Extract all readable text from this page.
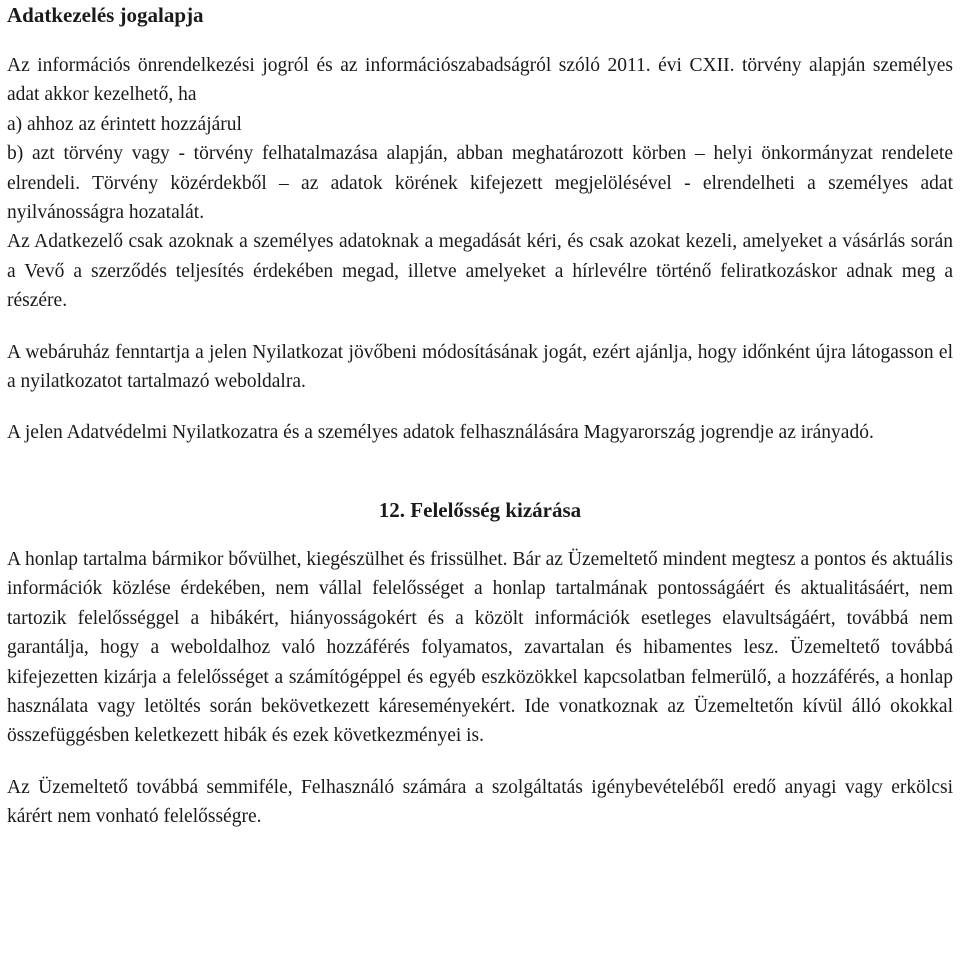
Adatkezelés jogalapja

Az információs önrendelkezési jogról és az információszabadságról szóló 2011. évi CXII. törvény alapján személyes adat akkor kezelhető, ha

a) ahhoz az érintett hozzájárul

b) azt törvény vagy - törvény felhatalmazása alapján, abban meghatározott körben – helyi önkormányzat rendelete elrendeli. Törvény közérdekből – az adatok körének kifejezett megjelölésével - elrendelheti a személyes adat nyilvánosságra hozatalát.

Az Adatkezelő csak azoknak a személyes adatoknak a megadását kéri, és csak azokat kezeli, amelyeket a vásárlás során a Vevő a szerződés teljesítés érdekében megad, illetve amelyeket a hírlevélre történő feliratkozáskor adnak meg a részére.

A webáruház fenntartja a jelen Nyilatkozat jövőbeni módosításának jogát, ezért ajánlja, hogy időnként újra látogasson el a nyilatkozatot tartalmazó weboldalra.

A jelen Adatvédelmi Nyilatkozatra és a személyes adatok felhasználására Magyarország jogrendje az irányadó.

12. Felelősség kizárása

A honlap tartalma bármikor bővülhet, kiegészülhet és frissülhet. Bár az Üzemeltető mindent megtesz a pontos és aktuális információk közlése érdekében, nem vállal felelősséget a honlap tartalmának pontosságáért és aktualitásáért, nem tartozik felelősséggel a hibákért, hiányosságokért és a közölt információk esetleges elavultságáért, továbbá nem garantálja, hogy a weboldalhoz való hozzáférés folyamatos, zavartalan és hibamentes lesz. Üzemeltető továbbá kifejezetten kizárja a felelősséget a számítógéppel és egyéb eszközökkel kapcsolatban felmerülő, a hozzáférés, a honlap használata vagy letöltés során bekövetkezett káreseményekért. Ide vonatkoznak az Üzemeltetőn kívül álló okokkal összefüggésben keletkezett hibák és ezek következményei is.

Az Üzemeltető továbbá semmiféle, Felhasználó számára a szolgáltatás igénybevételéből eredő anyagi vagy erkölcsi kárért nem vonható felelősségre.
